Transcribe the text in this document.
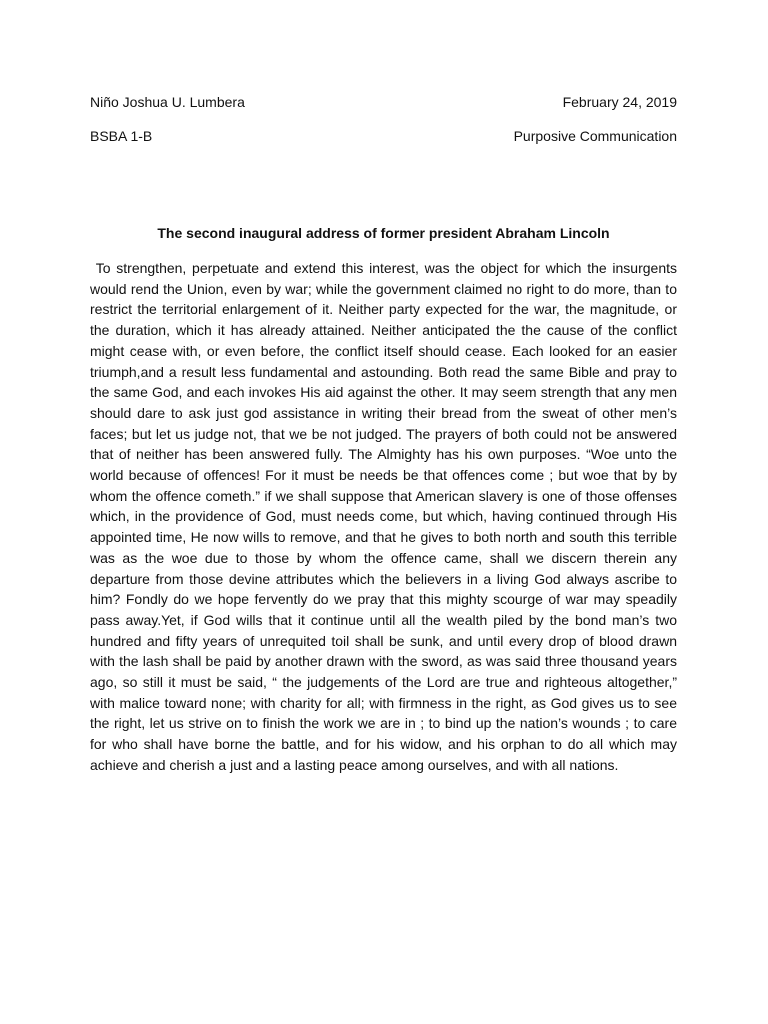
Niño Joshua U. Lumbera	February 24, 2019
BSBA 1-B	Purposive Communication
The second inaugural address of former president Abraham Lincoln
To strengthen, perpetuate and extend this interest, was the object for which the insurgents would rend the Union, even by war; while the government claimed no right to do more, than to restrict the territorial enlargement of it. Neither party expected for the war, the magnitude, or the duration, which it has already attained. Neither anticipated the the cause of the conflict might cease with, or even before, the conflict itself should cease. Each looked for an easier triumph,and a result less fundamental and astounding. Both read the same Bible and pray to the same God, and each invokes His aid against the other. It may seem strength that any men should dare to ask just god assistance in writing their bread from the sweat of other men’s faces; but let us judge not, that we be not judged. The prayers of both could not be answered that of neither has been answered fully. The Almighty has his own purposes. “Woe unto the world because of offences! For it must be needs be that offences come ; but woe that by by whom the offence cometh.” if we shall suppose that American slavery is one of those offenses which, in the providence of God, must needs come, but which, having continued through His appointed time, He now wills to remove, and that he gives to both north and south this terrible was as the woe due to those by whom the offence came, shall we discern therein any departure from those devine attributes which the believers in a living God always ascribe to him? Fondly do we hope fervently do we pray that this mighty scourge of war may speadily pass away.Yet, if God wills that it continue until all the wealth piled by the bond man’s two hundred and fifty years of unrequited toil shall be sunk, and until every drop of blood drawn with the lash shall be paid by another drawn with the sword, as was said three thousand years ago, so still it must be said, “ the judgements of the Lord are true and righteous altogether,” with malice toward none; with charity for all; with firmness in the right, as God gives us to see the right, let us strive on to finish the work we are in ; to bind up the nation’s wounds ; to care for who shall have borne the battle, and for his widow, and his orphan to do all which may achieve and cherish a just and a lasting peace among ourselves, and with all nations.
